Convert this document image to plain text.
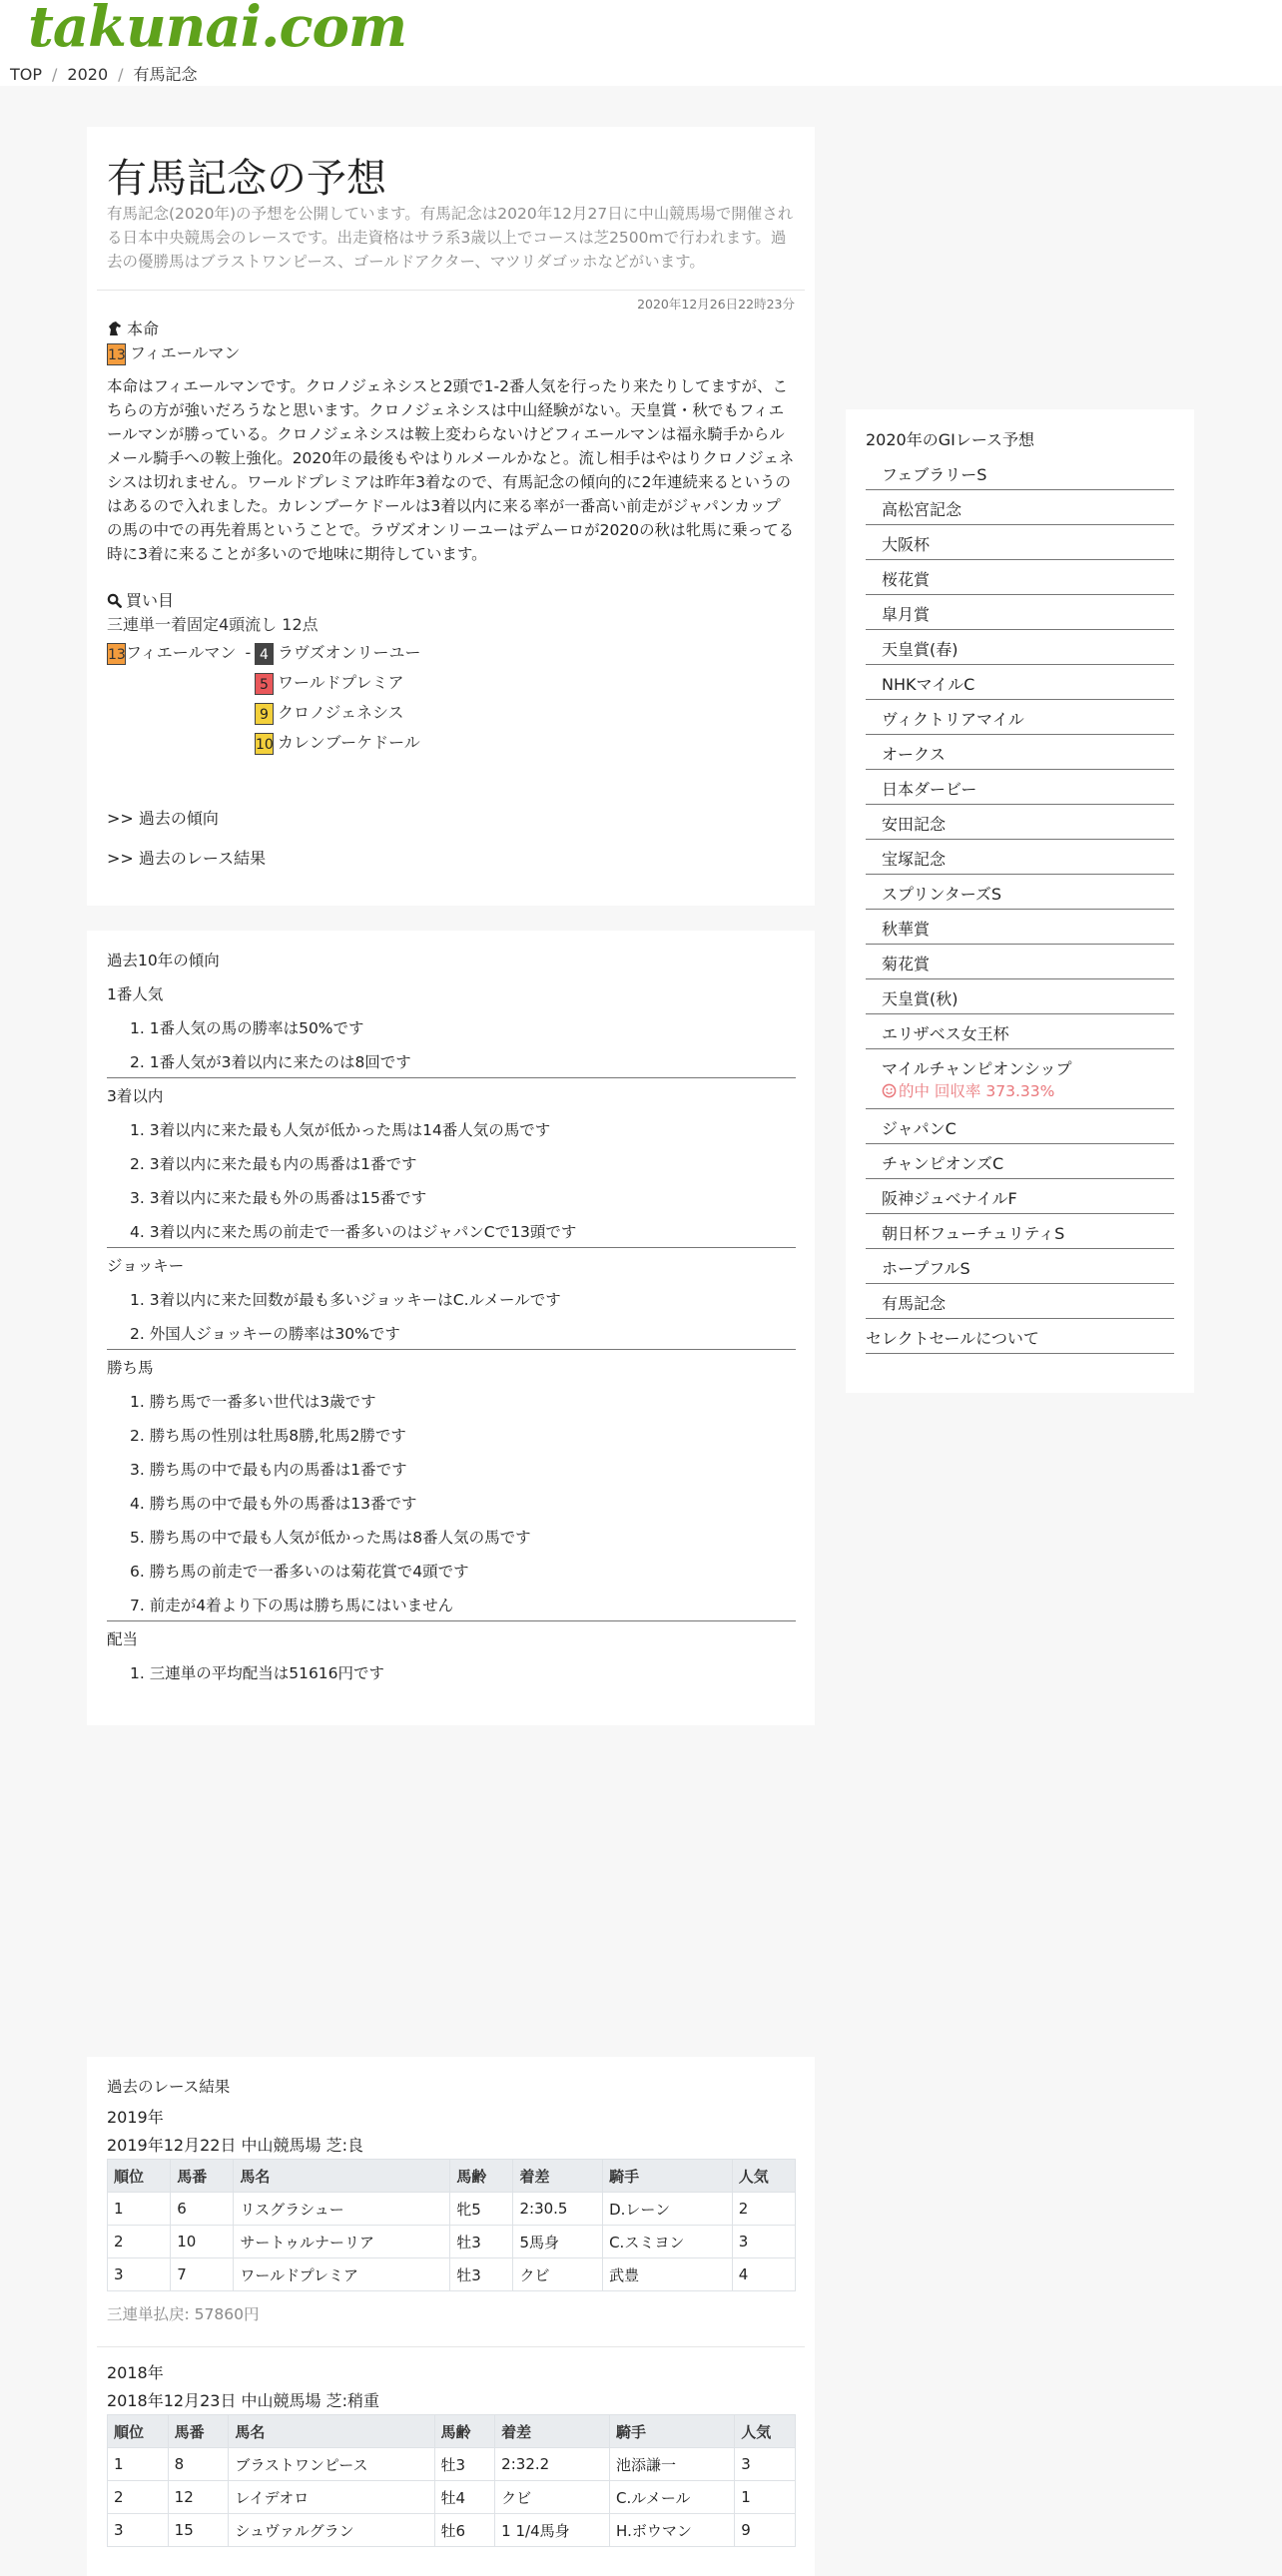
takunai.com
TOP / 2020 / 有馬記念
有馬記念の予想
有馬記念(2020年)の予想を公開しています。有馬記念は2020年12月27日に中山競馬場で開催される日本中央競馬会のレースです。出走資格はサラ系3歳以上でコースは芝2500mで行われます。過去の優勝馬はブラストワンピース、ゴールドアクター、マツリダゴッホなどがいます。
2020年12月26日22時23分
本命
13 フィエールマン
本命はフィエールマンです。クロノジェネシスと2頭で1-2番人気を行ったり来たりしてますが、こちらの方が強いだろうなと思います。クロノジェネシスは中山経験がない。天皇賞・秋でもフィエールマンが勝っている。クロノジェネシスは鞍上変わらないけどフィエールマンは福永騎手からルメール騎手への鞍上強化。2020年の最後もやはりルメールかなと。流し相手はやはりクロノジェネシスは切れません。ワールドプレミアは昨年3着なので、有馬記念の傾向的に2年連続来るというのはあるので入れました。カレンブーケドールは3着以内に来る率が一番高い前走がジャパンカップの馬の中での再先着馬ということで。ラヴズオンリーユーはデムーロが2020の秋は牝馬に乗ってる時に3着に来ることが多いので地味に期待しています。
買い目
三連単一着固定4頭流し 12点
13フィエールマン - 4 ラヴズオンリーユー
5 ワールドプレミア
9 クロノジェネシス
10 カレンブーケドール
>> 過去の傾向
>> 過去のレース結果
過去10年の傾向
1番人気
1. 1番人気の馬の勝率は50%です
2. 1番人気が3着以内に来たのは8回です
3着以内
1. 3着以内に来た最も人気が低かった馬は14番人気の馬です
2. 3着以内に来た最も内の馬番は1番です
3. 3着以内に来た最も外の馬番は15番です
4. 3着以内に来た馬の前走で一番多いのはジャパンCで13頭です
ジョッキー
1. 3着以内に来た回数が最も多いジョッキーはC.ルメールです
2. 外国人ジョッキーの勝率は30%です
勝ち馬
1. 勝ち馬で一番多い世代は3歳です
2. 勝ち馬の性別は牡馬8勝,牝馬2勝です
3. 勝ち馬の中で最も内の馬番は1番です
4. 勝ち馬の中で最も外の馬番は13番です
5. 勝ち馬の中で最も人気が低かった馬は8番人気の馬です
6. 勝ち馬の前走で一番多いのは菊花賞で4頭です
7. 前走が4着より下の馬は勝ち馬にはいません
配当
1. 三連単の平均配当は51616円です
2020年のGⅠレース予想
フェブラリーS
高松宮記念
大阪杯
桜花賞
皐月賞
天皇賞(春)
NHKマイルC
ヴィクトリアマイル
オークス
日本ダービー
安田記念
宝塚記念
スプリンターズS
秋華賞
菊花賞
天皇賞(秋)
エリザベス女王杯
マイルチャンピオンシップ
的中 回収率 373.33%
ジャパンC
チャンピオンズC
阪神ジュベナイルF
朝日杯フューチュリティS
ホープフルS
有馬記念
セレクトセールについて
過去のレース結果
2019年
2019年12月22日 中山競馬場 芝:良
順位	馬番	馬名	馬齢	着差	騎手	人気
1	6	リスグラシュー	牝5	2:30.5	D.レーン	2
2	10	サートゥルナーリア	牡3	5馬身	C.スミヨン	3
3	7	ワールドプレミア	牡3	クビ	武豊	4
三連単払戻: 57860円
2018年
2018年12月23日 中山競馬場 芝:稍重
順位	馬番	馬名	馬齢	着差	騎手	人気
1	8	ブラストワンピース	牡3	2:32.2	池添謙一	3
2	12	レイデオロ	牡4	クビ	C.ルメール	1
3	15	シュヴァルグラン	牡6	1 1/4馬身	H.ボウマン	9
